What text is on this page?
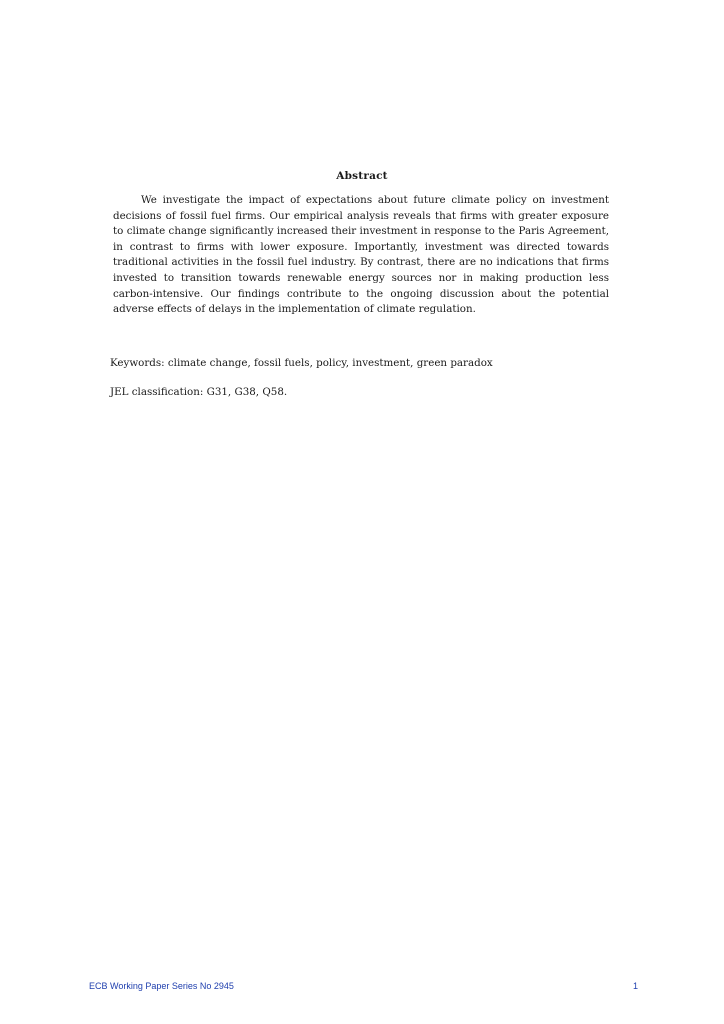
Abstract

We investigate the impact of expectations about future climate policy on investment decisions of fossil fuel firms. Our empirical analysis reveals that firms with greater exposure to climate change significantly increased their investment in response to the Paris Agreement, in contrast to firms with lower exposure. Importantly, investment was directed towards traditional activities in the fossil fuel industry. By contrast, there are no indications that firms invested to transition towards renewable energy sources nor in making production less carbon-intensive. Our findings contribute to the ongoing discussion about the potential adverse effects of delays in the implementation of climate regulation.

Keywords: climate change, fossil fuels, policy, investment, green paradox

JEL classification: G31, G38, Q58.

ECB Working Paper Series No 2945	1
